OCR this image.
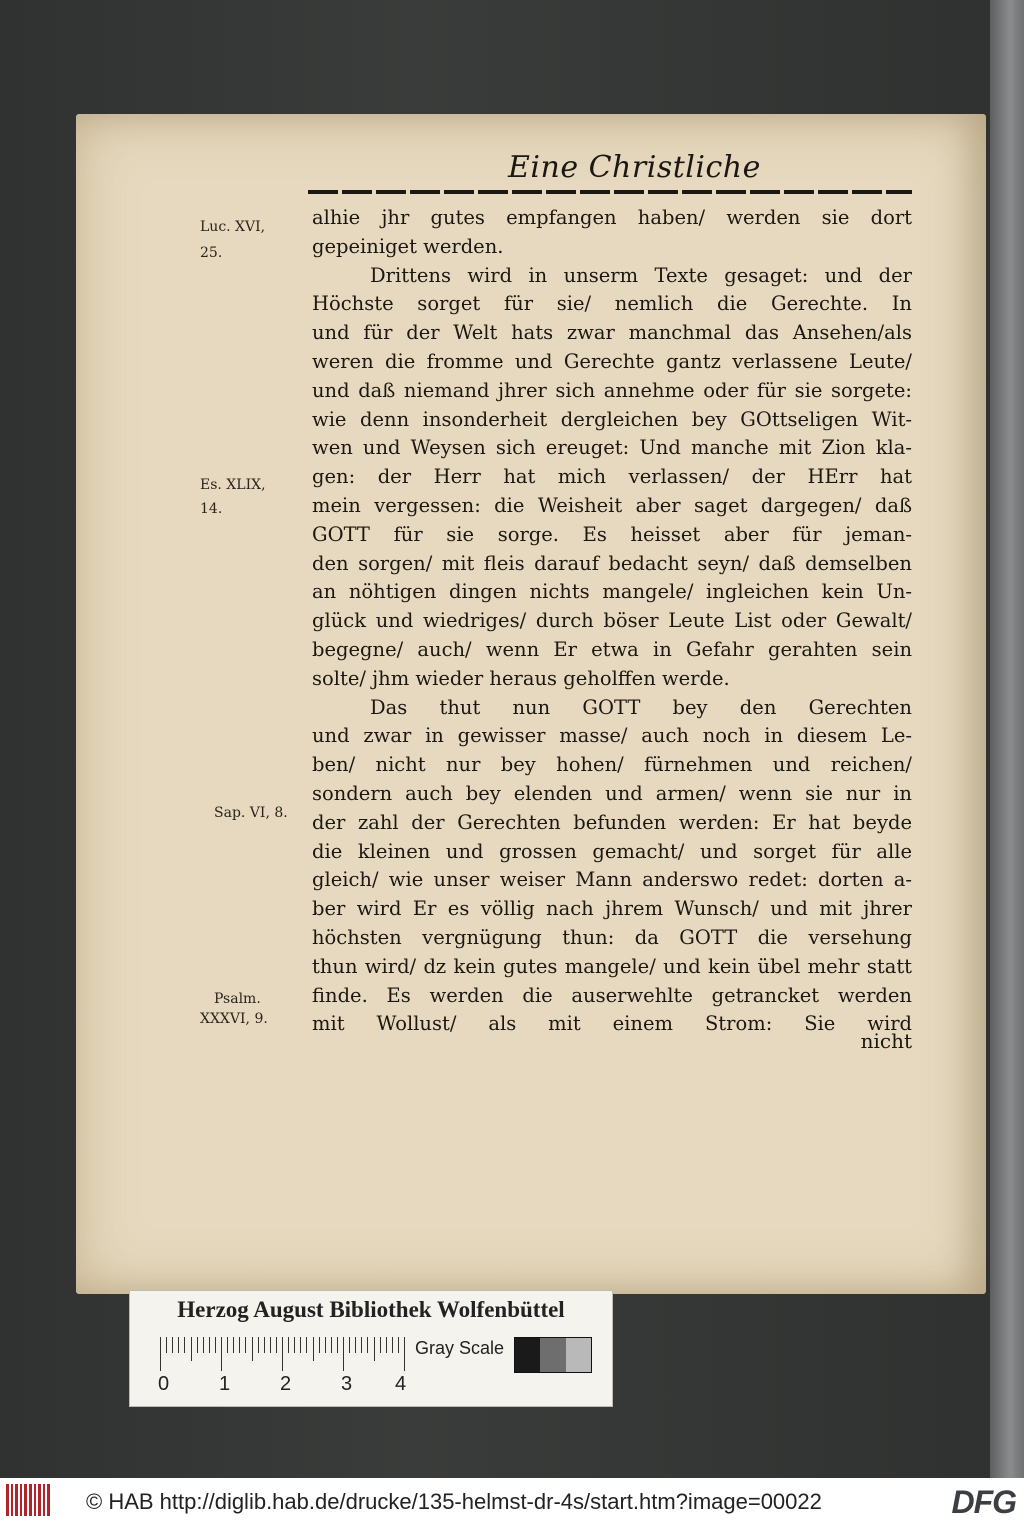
Eine Christliche
Luc. XVI,
25.
Es. XLIX,
14.
Sap. VI, 8.
Psalm.
XXXVI, 9.
alhie jhr gutes empfangen haben/ werden sie dort
gepeiniget werden.
Drittens wird in unserm Texte gesaget: und der
Höchste sorget für sie/ nemlich die Gerechte. In
und für der Welt hats zwar manchmal das Ansehen/als
weren die fromme und Gerechte gantz verlassene Leute/
und daß niemand jhrer sich annehme oder für sie sorgete:
wie denn insonderheit dergleichen bey GOttseligen Wit-
wen und Weysen sich ereuget: Und manche mit Zion kla-
gen: der Herr hat mich verlassen/ der HErr hat
mein vergessen: die Weisheit aber saget dargegen/ daß
GOTT für sie sorge. Es heisset aber für jeman-
den sorgen/ mit fleis darauf bedacht seyn/ daß demselben
an nöhtigen dingen nichts mangele/ ingleichen kein Un-
glück und wiedriges/ durch böser Leute List oder Gewalt/
begegne/ auch/ wenn Er etwa in Gefahr gerahten sein
solte/ jhm wieder heraus geholffen werde.
Das thut nun GOTT bey den Gerechten
und zwar in gewisser masse/ auch noch in diesem Le-
ben/ nicht nur bey hohen/ fürnehmen und reichen/
sondern auch bey elenden und armen/ wenn sie nur in
der zahl der Gerechten befunden werden: Er hat beyde
die kleinen und grossen gemacht/ und sorget für alle
gleich/ wie unser weiser Mann anderswo redet: dorten a-
ber wird Er es völlig nach jhrem Wunsch/ und mit jhrer
höchsten vergnügung thun: da GOTT die versehung
thun wird/ dz kein gutes mangele/ und kein übel mehr statt
finde. Es werden die auserwehlte getrancket werden
mit Wollust/ als mit einem Strom: Sie wird
nicht
Herzog August Bibliothek Wolfenbüttel
0 1 2 3 4
Gray Scale
© HAB http://diglib.hab.de/drucke/135-helmst-dr-4s/start.htm?image=00022	DFG
